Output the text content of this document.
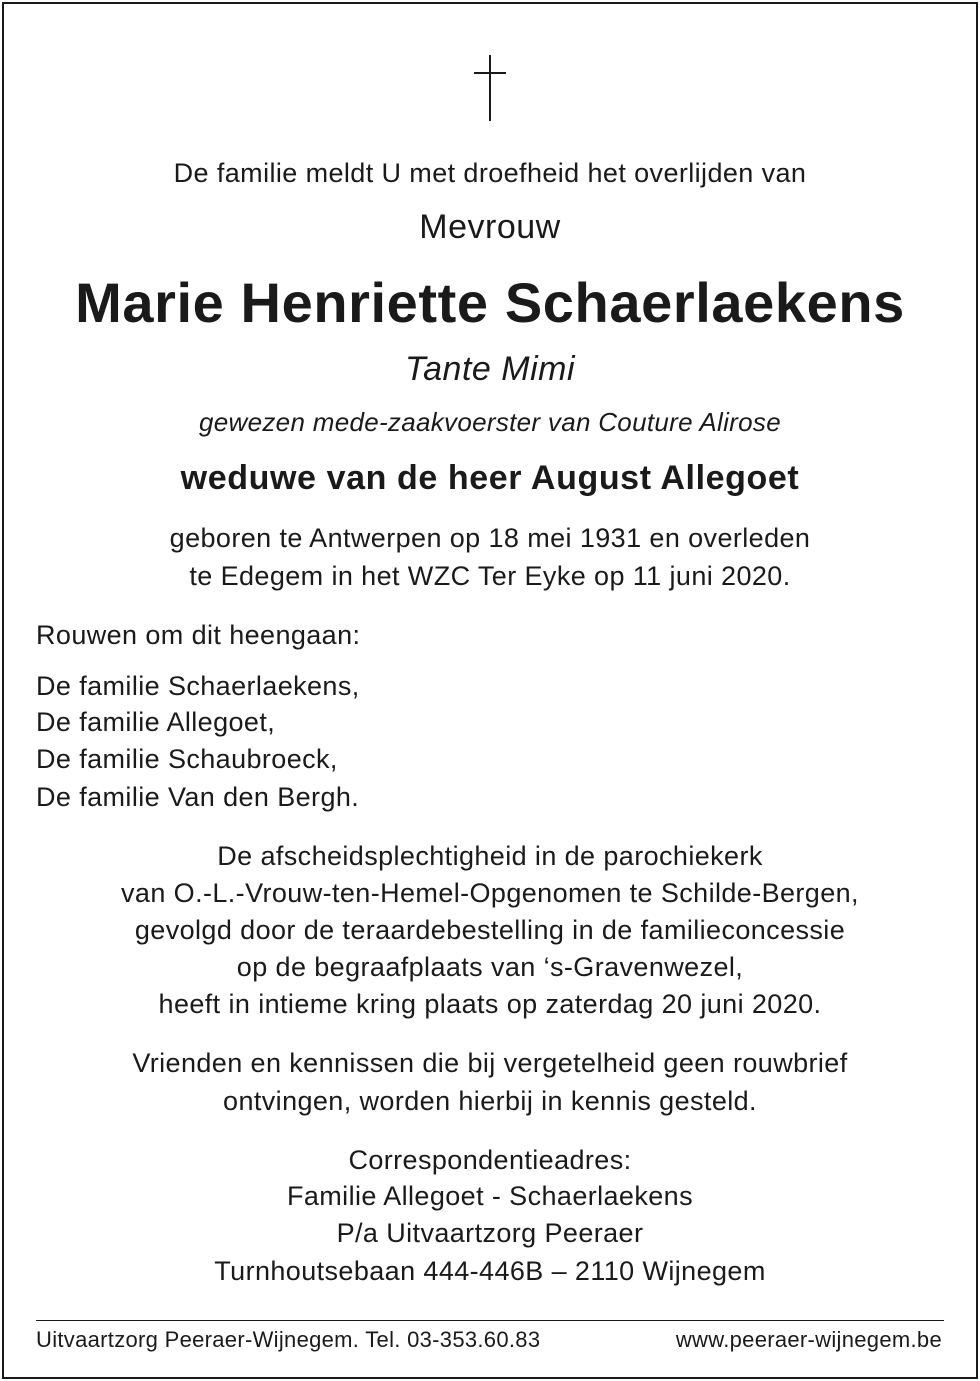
De familie meldt U met droefheid het overlijden van
Mevrouw
Marie Henriette Schaerlaekens
Tante Mimi
gewezen mede-zaakvoerster van Couture Alirose
weduwe van de heer August Allegoet
geboren te Antwerpen op 18 mei 1931 en overleden
te Edegem in het WZC Ter Eyke op 11 juni 2020.
Rouwen om dit heengaan:
De familie Schaerlaekens,
De familie Allegoet,
De familie Schaubroeck,
De familie Van den Bergh.
De afscheidsplechtigheid in de parochiekerk
van O.-L.-Vrouw-ten-Hemel-Opgenomen te Schilde-Bergen,
gevolgd door de teraardebestelling in de familieconcessie
op de begraafplaats van ‘s-Gravenwezel,
heeft in intieme kring plaats op zaterdag 20 juni 2020.
Vrienden en kennissen die bij vergetelheid geen rouwbrief
ontvingen, worden hierbij in kennis gesteld.
Correspondentieadres:
Familie Allegoet - Schaerlaekens
P/a Uitvaartzorg Peeraer
Turnhoutsebaan 444-446B – 2110 Wijnegem
Uitvaartzorg Peeraer-Wijnegem. Tel. 03-353.60.83	www.peeraer-wijnegem.be
